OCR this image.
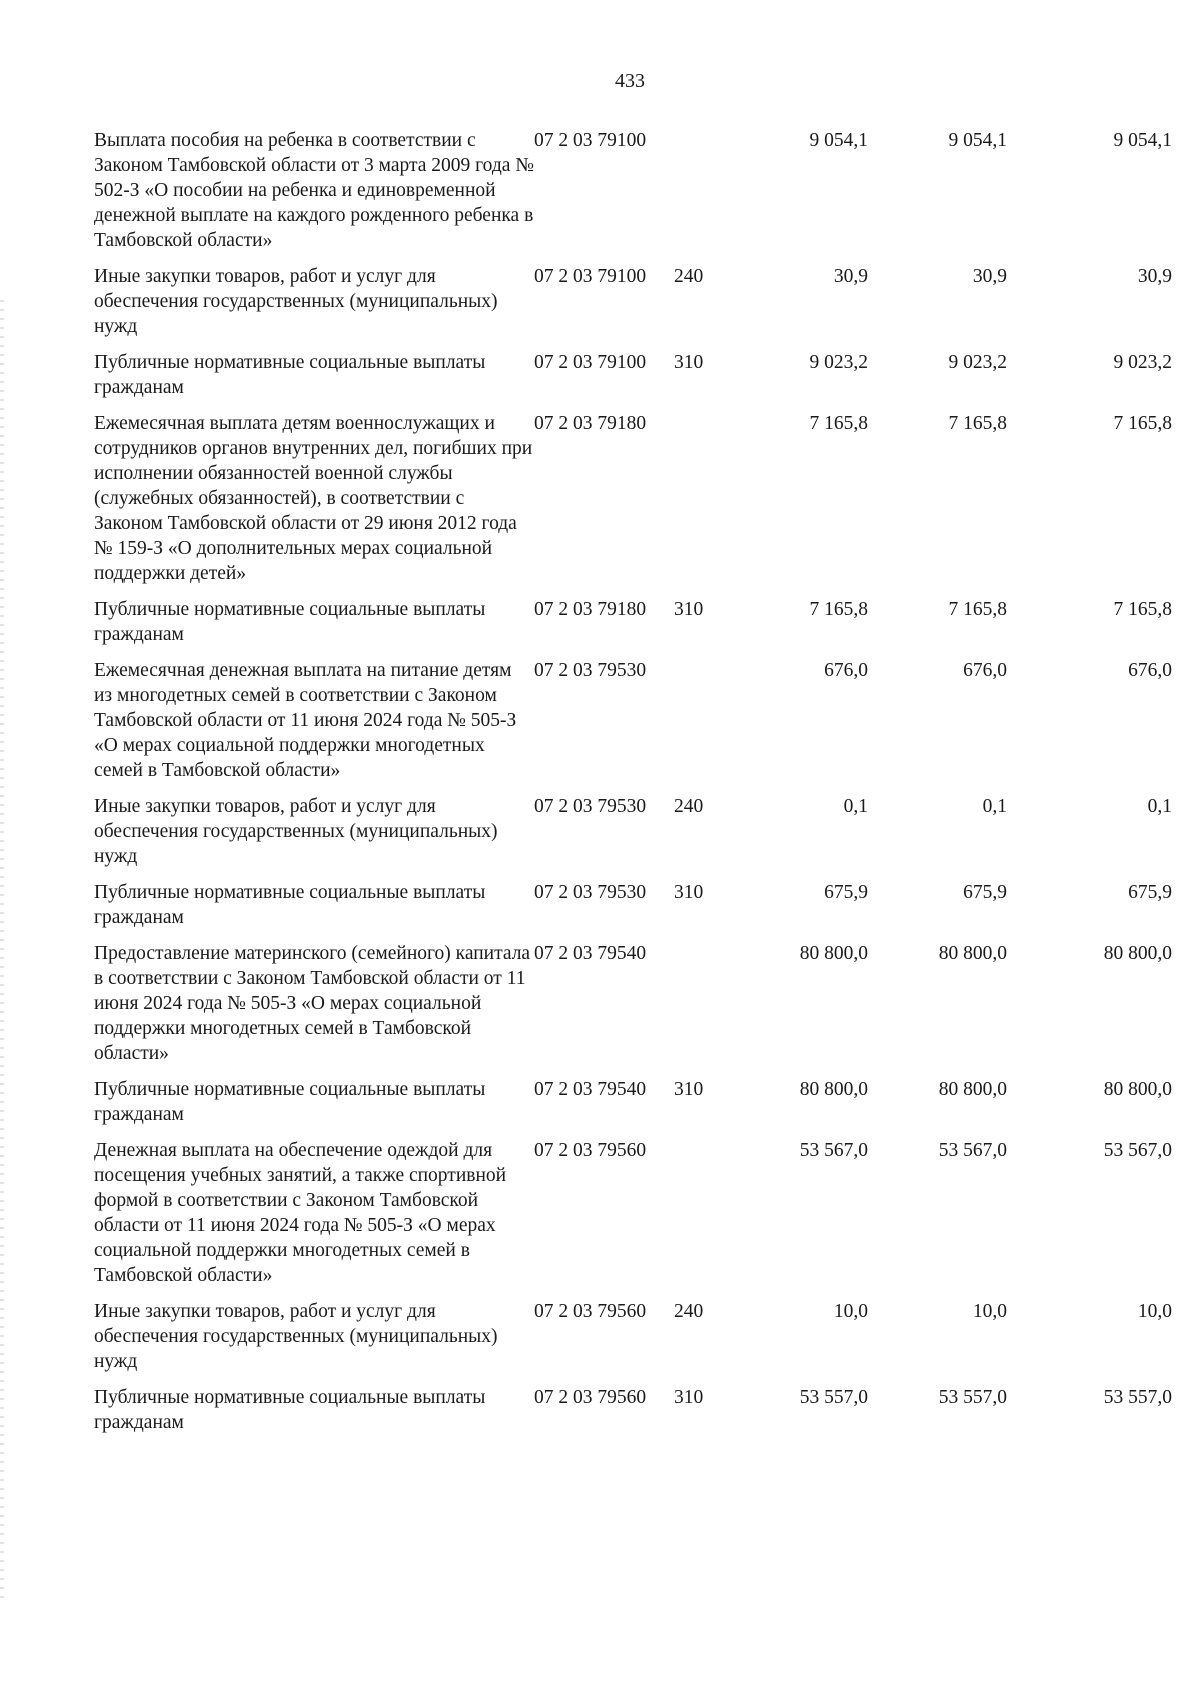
433
Выплата пособия на ребенка в соответствии с Законом Тамбовской области от 3 марта 2009 года № 502-З «О пособии на ребенка и единовременной денежной выплате на каждого рожденного ребенка в Тамбовской области»	07 2 03 79100		9 054,1	9 054,1	9 054,1
Иные закупки товаров, работ и услуг для обеспечения государственных (муниципальных) нужд	07 2 03 79100	240	30,9	30,9	30,9
Публичные нормативные социальные выплаты гражданам	07 2 03 79100	310	9 023,2	9 023,2	9 023,2
Ежемесячная выплата детям военнослужащих и сотрудников органов внутренних дел, погибших при исполнении обязанностей военной службы (служебных обязанностей), в соответствии с Законом Тамбовской области от 29 июня 2012 года № 159-З «О дополнительных мерах социальной поддержки детей»	07 2 03 79180		7 165,8	7 165,8	7 165,8
Публичные нормативные социальные выплаты гражданам	07 2 03 79180	310	7 165,8	7 165,8	7 165,8
Ежемесячная денежная выплата на питание детям из многодетных семей в соответствии с Законом Тамбовской области от 11 июня 2024 года № 505-З «О мерах социальной поддержки многодетных семей в Тамбовской области»	07 2 03 79530		676,0	676,0	676,0
Иные закупки товаров, работ и услуг для обеспечения государственных (муниципальных) нужд	07 2 03 79530	240	0,1	0,1	0,1
Публичные нормативные социальные выплаты гражданам	07 2 03 79530	310	675,9	675,9	675,9
Предоставление материнского (семейного) капитала в соответствии с Законом Тамбовской области от 11 июня 2024 года № 505-З «О мерах социальной поддержки многодетных семей в Тамбовской области»	07 2 03 79540		80 800,0	80 800,0	80 800,0
Публичные нормативные социальные выплаты гражданам	07 2 03 79540	310	80 800,0	80 800,0	80 800,0
Денежная выплата на обеспечение одеждой для посещения учебных занятий, а также спортивной формой в соответствии с Законом Тамбовской области от 11 июня 2024 года № 505-З «О мерах социальной поддержки многодетных семей в Тамбовской области»	07 2 03 79560		53 567,0	53 567,0	53 567,0
Иные закупки товаров, работ и услуг для обеспечения государственных (муниципальных) нужд	07 2 03 79560	240	10,0	10,0	10,0
Публичные нормативные социальные выплаты гражданам	07 2 03 79560	310	53 557,0	53 557,0	53 557,0
